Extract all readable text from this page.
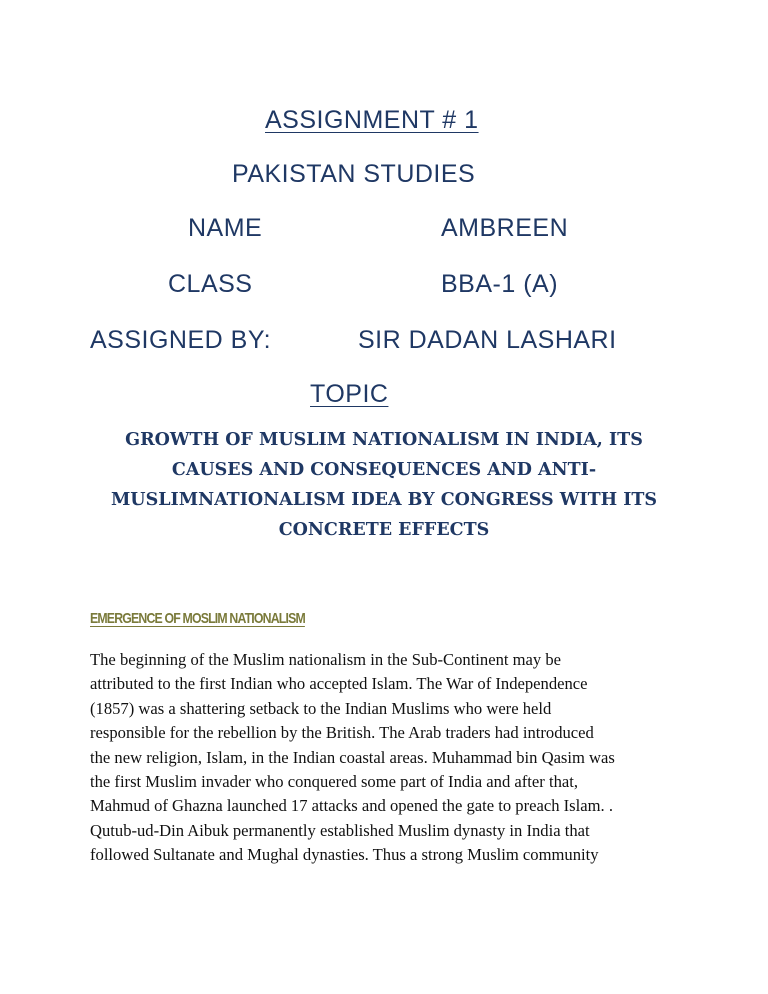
ASSIGNMENT # 1
PAKISTAN STUDIES
NAME	AMBREEN
CLASS	BBA-1 (A)
ASSIGNED BY:	SIR DADAN LASHARI
TOPIC
GROWTH OF MUSLIM NATIONALISM IN INDIA, ITS
CAUSES AND CONSEQUENCES AND ANTI-
MUSLIMNATIONALISM IDEA BY CONGRESS WITH ITS
CONCRETE EFFECTS
EMERGENCE OF MOSLIM NATIONALISM
The beginning of the Muslim nationalism in the Sub-Continent may be
attributed to the first Indian who accepted Islam. The War of Independence
(1857) was a shattering setback to the Indian Muslims who were held
responsible for the rebellion by the British. The Arab traders had introduced
the new religion, Islam, in the Indian coastal areas. Muhammad bin Qasim was
the first Muslim invader who conquered some part of India and after that,
Mahmud of Ghazna launched 17 attacks and opened the gate to preach Islam. .
Qutub-ud-Din Aibuk permanently established Muslim dynasty in India that
followed Sultanate and Mughal dynasties. Thus a strong Muslim community
